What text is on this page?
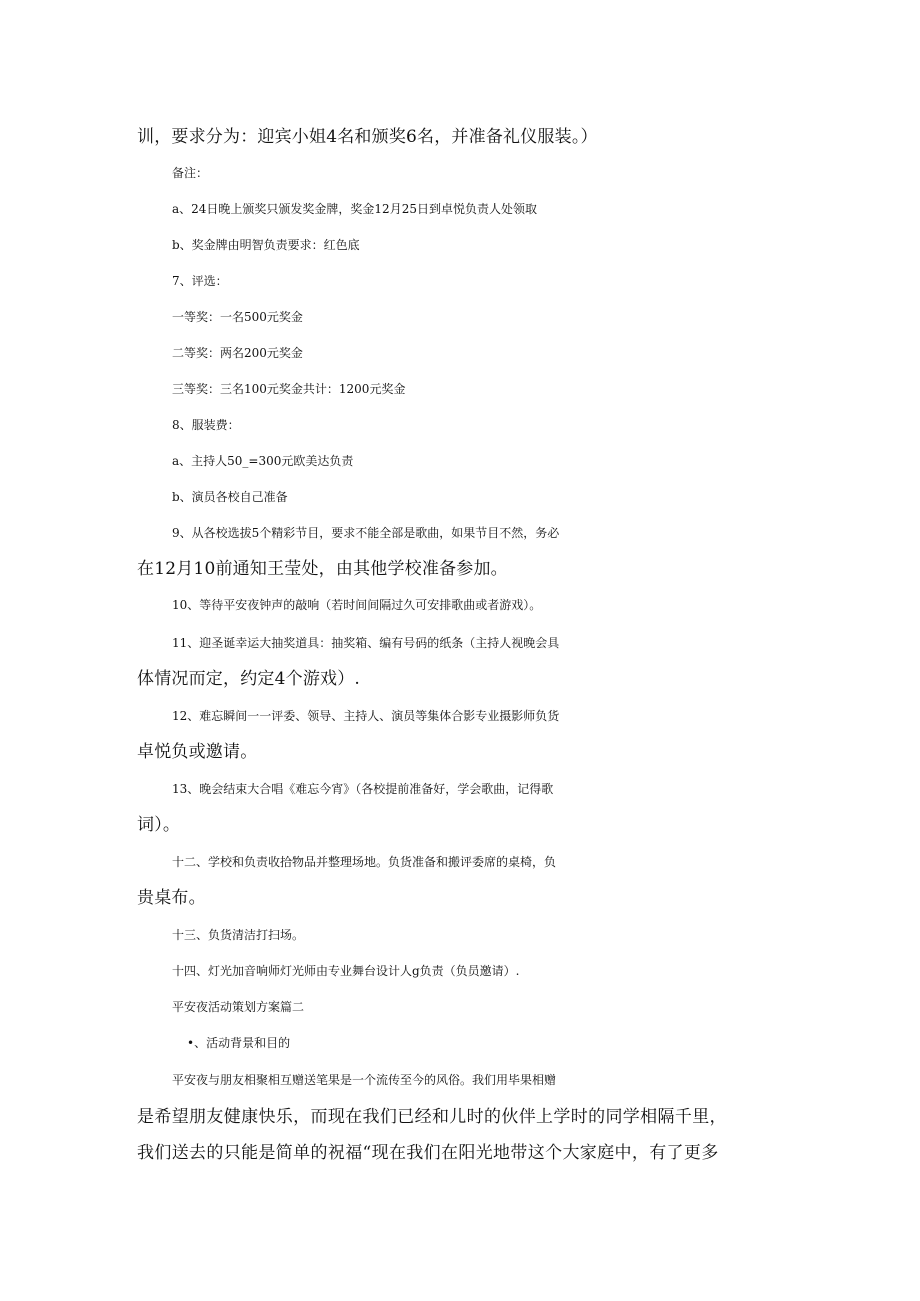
训，要求分为：迎宾小姐4名和颁奖6名，并准备礼仪服装。）
备注：
a、24日晚上颁奖只颁发奖金牌，奖金12月25日到卓悦负责人处领取
b、奖金牌由明智负责要求：红色底
7、评选：
一等奖：一名500元奖金
二等奖：两名200元奖金
三等奖：三名100元奖金共计：1200元奖金
8、服装费：
a、主持人50_=300元欧美达负责
b、演员各校自己准备
9、从各校选拔5个精彩节目，要求不能全部是歌曲，如果节目不然，务必
在12月10前通知王莹处，由其他学校准备参加。
10、等待平安夜钟声的敲响（若时间间隔过久可安排歌曲或者游戏）。
11、迎圣诞幸运大抽奖道具：抽奖箱、编有号码的纸条（主持人视晚会具
体情况而定，约定4个游戏）.
12、难忘瞬间一一评委、领导、主持人、演员等集体合影专业摄影师负货
卓悦负或邀请。
13、晚会结束大合唱《难忘今宵》（各校提前准备好，学会歌曲，记得歌
词）。
十二、学校和负责收拾物品并整理场地。负货准备和搬评委席的桌椅，负
贵桌布。
十三、负货清洁打扫场。
十四、灯光加音响师灯光师由专业舞台设计人g负责（负员邀请）.
平安夜活动策划方案篇二
•、活动背景和目的
平安夜与朋友相聚相互赠送笔果是一个流传至今的风俗。我们用毕果相赠
是希望朋友健康快乐，而现在我们已经和儿时的伙伴上学时的同学相隔千里，
我们送去的只能是简单的祝福“现在我们在阳光地带这个大家庭中，有了更多
